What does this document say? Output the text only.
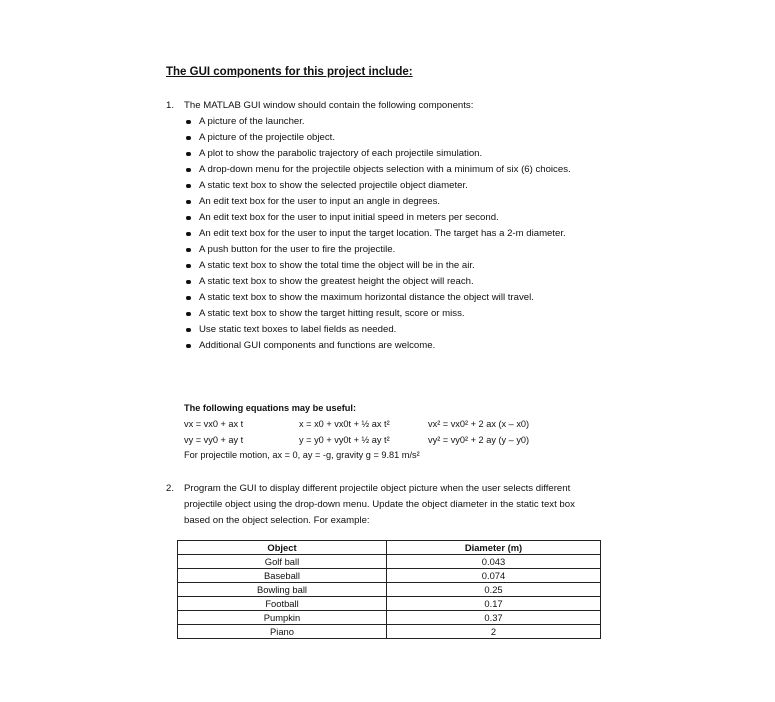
The GUI components for this project include:
1. The MATLAB GUI window should contain the following components:
A picture of the launcher.
A picture of the projectile object.
A plot to show the parabolic trajectory of each projectile simulation.
A drop-down menu for the projectile objects selection with a minimum of six (6) choices.
A static text box to show the selected projectile object diameter.
An edit text box for the user to input an angle in degrees.
An edit text box for the user to input initial speed in meters per second.
An edit text box for the user to input the target location. The target has a 2-m diameter.
A push button for the user to fire the projectile.
A static text box to show the total time the object will be in the air.
A static text box to show the greatest height the object will reach.
A static text box to show the maximum horizontal distance the object will travel.
A static text box to show the target hitting result, score or miss.
Use static text boxes to label fields as needed.
Additional GUI components and functions are welcome.
The following equations may be useful:
vx = vx0 + ax t	x = x0 + vx0t + ½ ax t²	vx² = vx0² + 2 ax (x – x0)
vy = vy0 + ay t	y = y0 + vy0t + ½ ay t²	vy² = vy0² + 2 ay (y – y0)
For projectile motion, ax = 0, ay = -g, gravity g = 9.81 m/s²
2. Program the GUI to display different projectile object picture when the user selects different projectile object using the drop-down menu. Update the object diameter in the static text box based on the object selection. For example:
Object	Diameter (m)
Golf ball	0.043
Baseball	0.074
Bowling ball	0.25
Football	0.17
Pumpkin	0.37
Piano	2
